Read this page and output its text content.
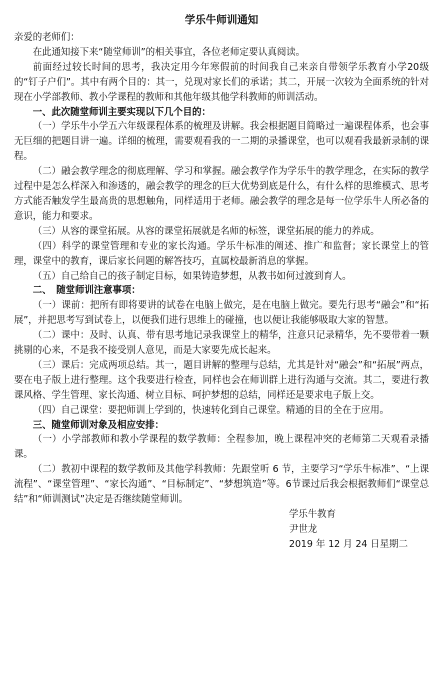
学乐牛师训通知

亲爱的老师们：

在此通知接下来“随堂师训”的相关事宜，各位老师定要认真阅读。

前面经过较长时间的思考，我决定用今年寒假前的时间我自己来亲自带领学乐教育小学20级的“钉子户们”。其中有两个目的：其一，兑现对家长们的承诺；其二，开展一次较为全面系统的针对现在小学部教师、教小学课程的教师和其他年级其他学科教师的师训活动。

一、此次随堂师训主要实现以下几个目的：

（一）学乐牛小学五六年级课程体系的梳理及讲解。我会根据题目简略过一遍课程体系，也会事无巨细的把题目讲一遍。详细的梳理，需要观看我的一二期的录播课堂，也可以观看我最新录制的课程。

（二）融会教学理念的彻底理解、学习和掌握。融会教学作为学乐牛的教学理念，在实际的教学过程中是怎么样深入和渗透的，融会教学的理念的巨大优势到底是什么，有什么样的思维模式、思考方式能否触发学生最高贵的思想触角，同样适用于老师。融会教学的理念是每一位学乐牛人所必备的意识，能力和要求。

（三）从容的课堂拓展。从容的课堂拓展就是名师的标签，课堂拓展的能力的养成。

（四）科学的课堂管理和专业的家长沟通。学乐牛标准的阐述、推广和监督；家长课堂上的管理，课堂中的教育，课后家长问题的解答技巧，直属校最新消息的掌握。

（五）自己给自己的孩子制定目标，如果铸造梦想，从教书如何过渡到育人。

二、　随堂师训注意事项：

（一）课前：把所有即将要讲的试卷在电脑上做完，是在电脑上做完。要先行思考“融会”和“拓展”，并把思考写到试卷上，以便我们进行思维上的碰撞，也以便让我能够吸取大家的智慧。

（二）课中：及时、认真、带有思考地记录我课堂上的精华，注意只记录精华，先不要带着一颗挑剔的心来，不是我不接受别人意见，而是大家要先成长起来。

（三）课后：完成两项总结。其一，题目讲解的整理与总结，尤其是针对“融会”和“拓展”两点，要在电子版上进行整理。这个我要进行检查，同样也会在师训群上进行沟通与交流。其二，要进行教课风格、学生管理、家长沟通、树立目标、呵护梦想的总结，同样还是要求电子版上交。

（四）自己课堂：要把师训上学到的，快速转化到自己课堂。精通的目的全在于应用。

三、随堂师训对象及相应安排：

（一）小学部教师和教小学课程的数学教师：全程参加，晚上课程冲突的老师第二天观看录播课。

（二）教初中课程的数学教师及其他学科教师：先跟堂听 6 节，主要学习“学乐牛标准”、“上课流程”、“课堂管理”、“家长沟通”、“目标制定”、“梦想筑造”等。6节课过后我会根据教师们“课堂总结”和“师训测试”决定是否继续随堂师训。

学乐牛教育
尹世龙
2019 年 12 月 24 日星期二
